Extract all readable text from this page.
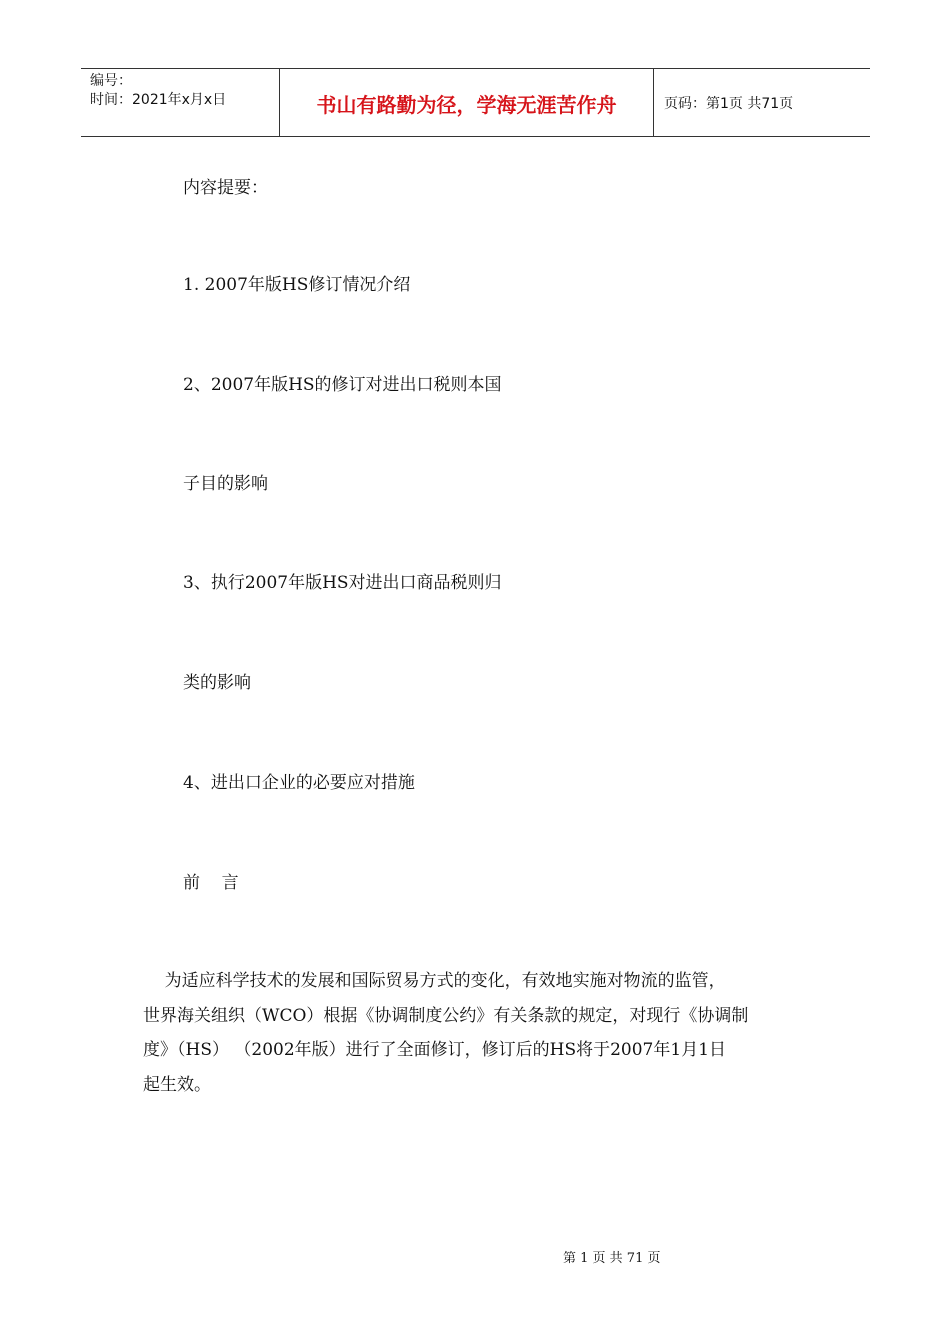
编号：
时间：2021年x月x日	书山有路勤为径，学海无涯苦作舟	页码：第1页 共71页

内容提要：

1. 2007年版HS修订情况介绍

2、2007年版HS的修订对进出口税则本国

子目的影响

3、执行2007年版HS对进出口商品税则归

类的影响

4、进出口企业的必要应对措施

前    言

为适应科学技术的发展和国际贸易方式的变化，有效地实施对物流的监管，
世界海关组织（WCO）根据《协调制度公约》有关条款的规定，对现行《协调制
度》（HS） （2002年版）进行了全面修订，修订后的HS将于2007年1月1日
起生效。
第 1 页 共 71 页
